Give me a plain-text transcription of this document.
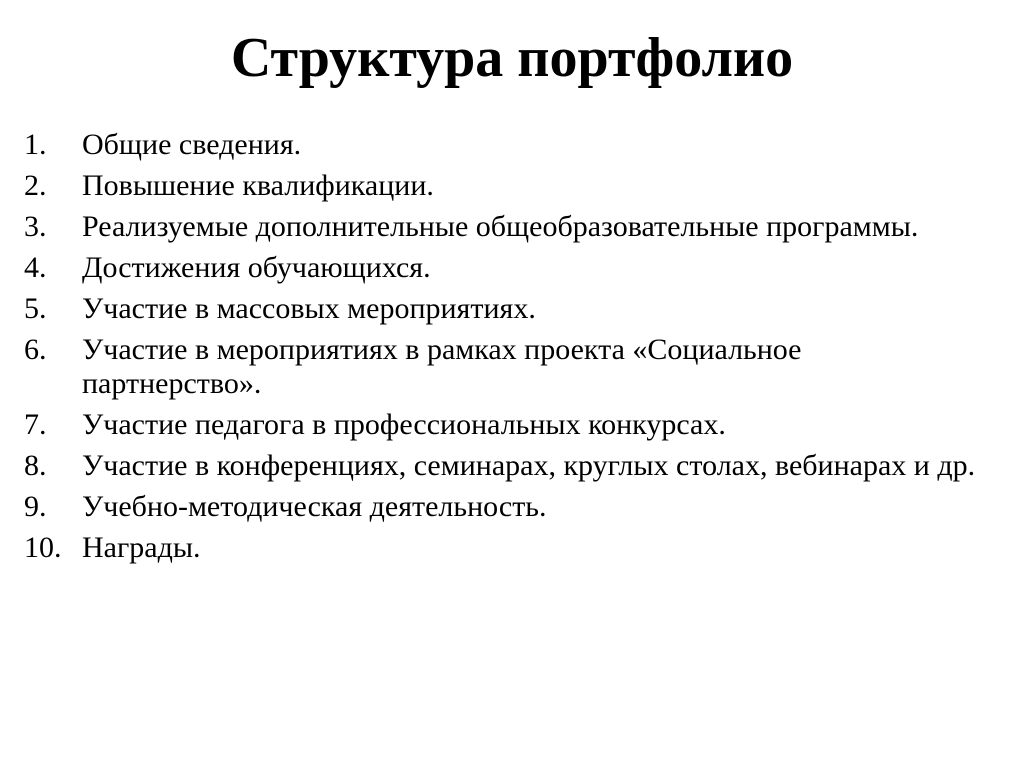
Структура портфолио
1.	Общие сведения.
2.	Повышение квалификации.
3.	Реализуемые дополнительные общеобразовательные программы.
4.	Достижения обучающихся.
5.	Участие в массовых мероприятиях.
6.	Участие в мероприятиях в рамках проекта «Социальное партнерство».
7.	Участие педагога в профессиональных конкурсах.
8.	Участие в конференциях, семинарах, круглых столах, вебинарах и др.
9.	Учебно-методическая деятельность.
10. Награды.
